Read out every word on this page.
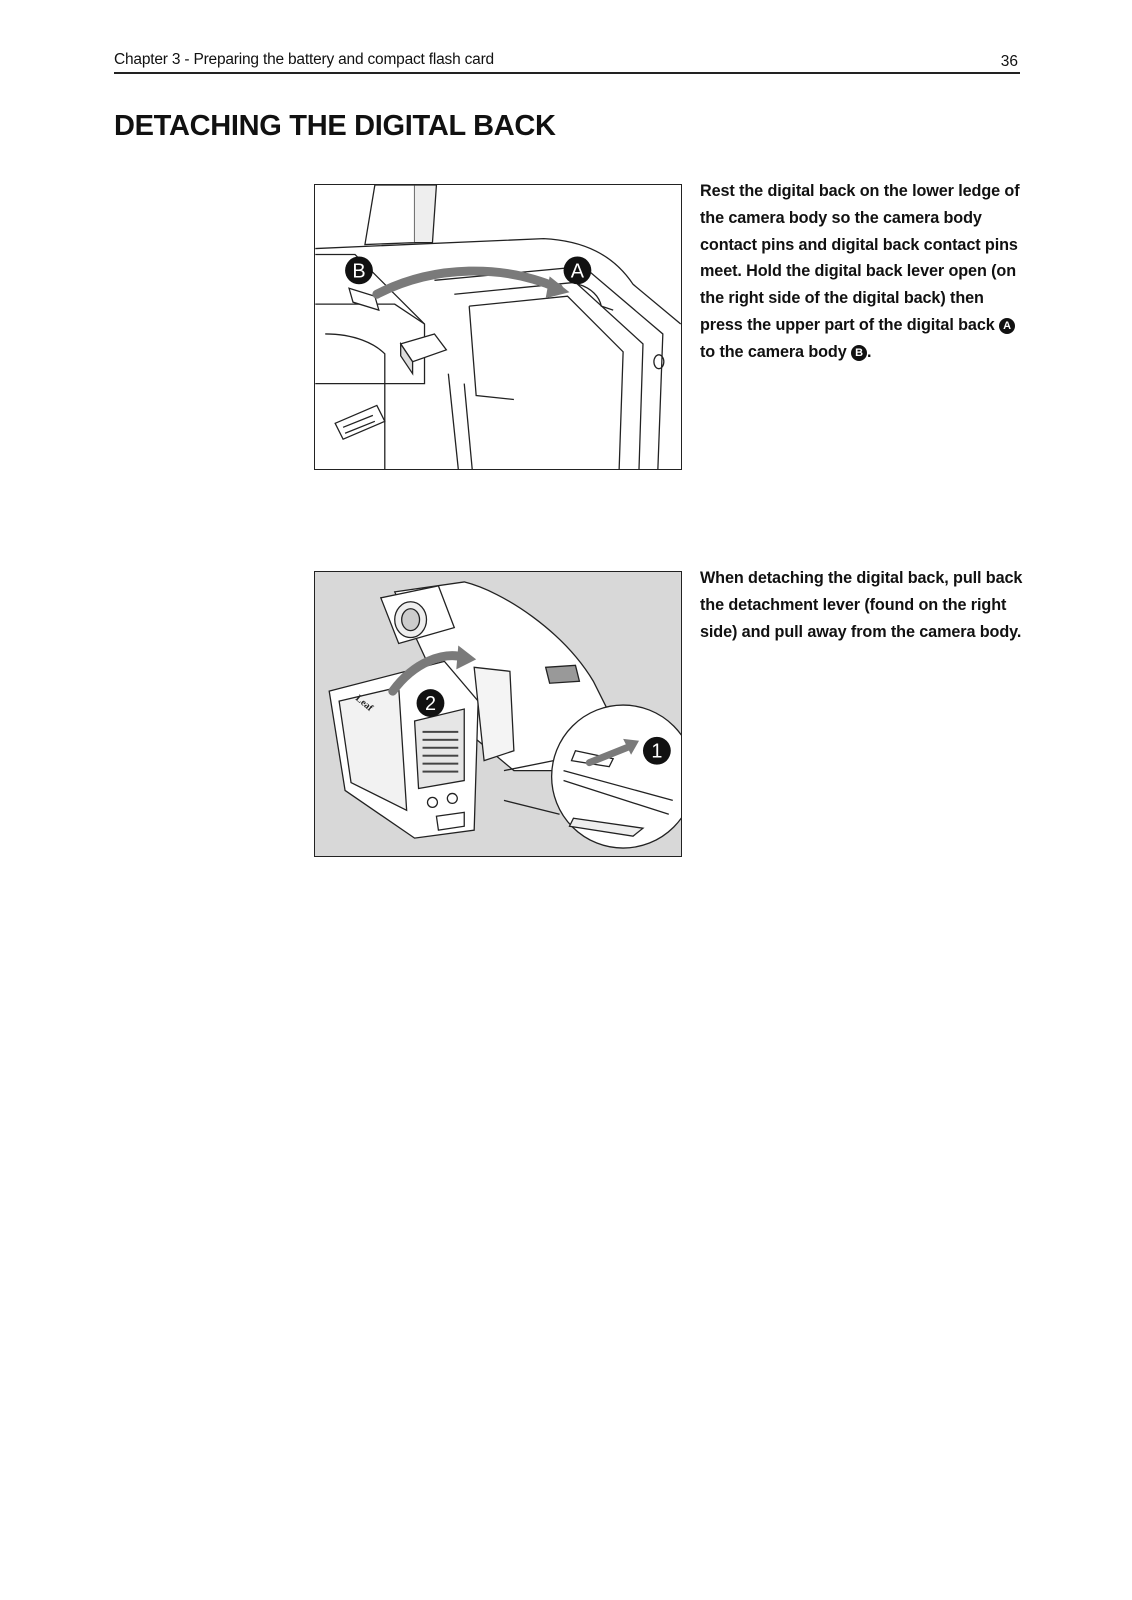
Chapter 3 - Preparing the battery and compact flash card	36
DETACHING THE DIGITAL BACK
B	A

Rest the digital back on the lower ledge of the camera body so the camera body contact pins and digital back contact pins meet. Hold the digital back lever open (on the right side of the digital back) then press the upper part of the digital back A to the camera body B .

Leaf	2
1

When detaching the digital back, pull back the detachment lever (found on the right side) and pull away from the camera body.
